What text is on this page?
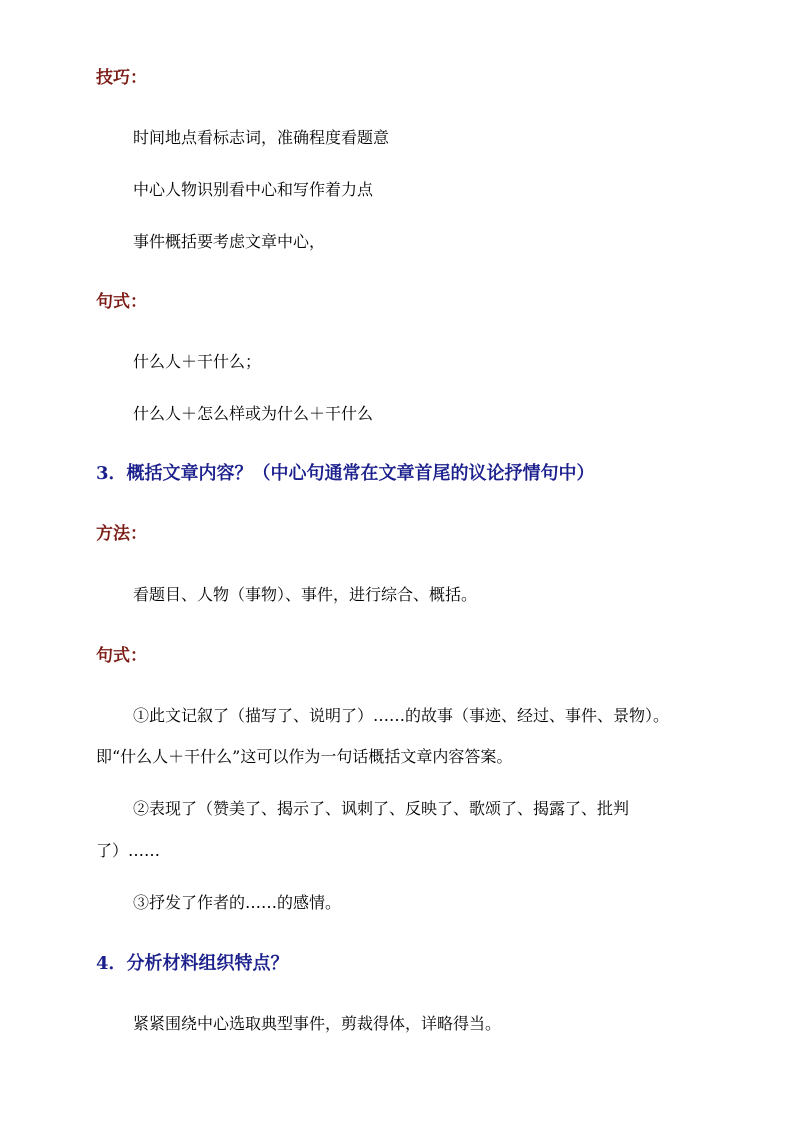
技巧：
时间地点看标志词，准确程度看题意
中心人物识别看中心和写作着力点
事件概括要考虑文章中心，
句式：
什么人＋干什么；
什么人＋怎么样或为什么＋干什么
3．概括文章内容？（中心句通常在文章首尾的议论抒情句中）
方法：
看题目、人物（事物）、事件，进行综合、概括。
句式：
①此文记叙了（描写了、说明了）……的故事（事迹、经过、事件、景物）。
即“什么人＋干什么”这可以作为一句话概括文章内容答案。
②表现了（赞美了、揭示了、讽刺了、反映了、歌颂了、揭露了、批判
了）……
③抒发了作者的……的感情。
4．分析材料组织特点？
紧紧围绕中心选取典型事件，剪裁得体，详略得当。
